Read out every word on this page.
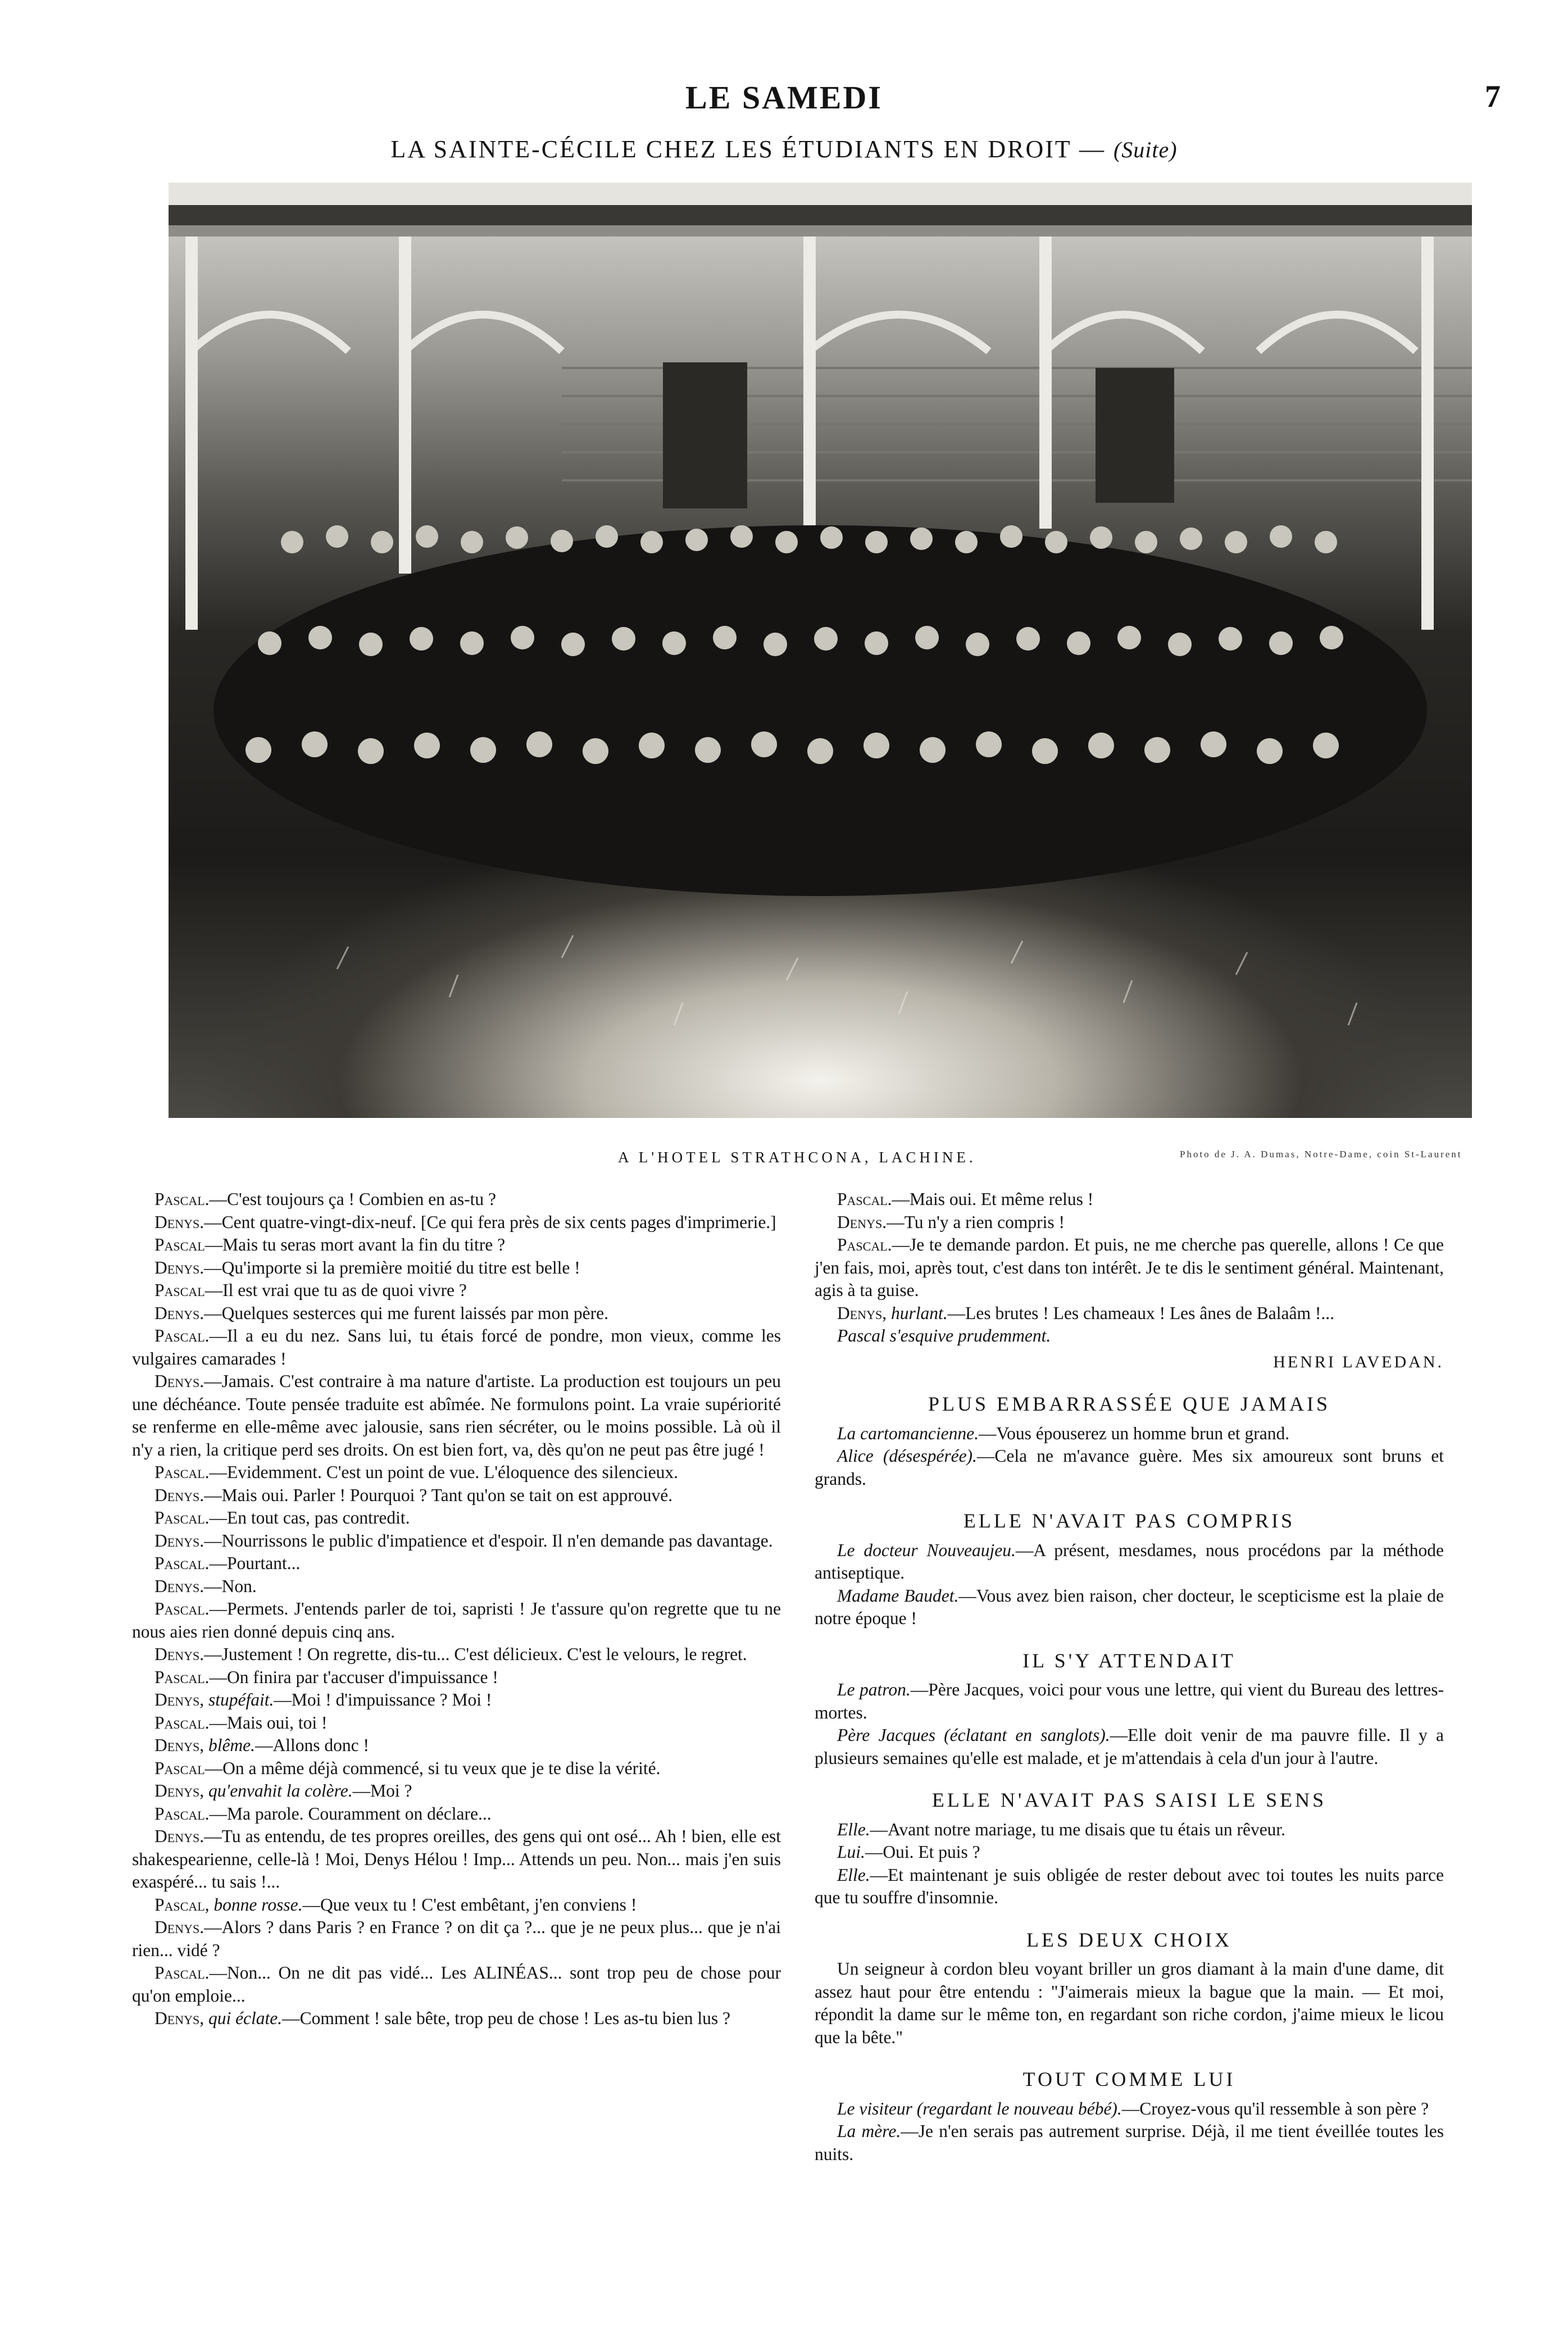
LE SAMEDI	7
LA SAINTE-CÉCILE CHEZ LES ÉTUDIANTS EN DROIT — (Suite)
A L'HOTEL STRATHCONA, LACHINE.	Photo de J. A. Dumas, Notre-Dame, coin St-Laurent

Pascal.—C'est toujours ça ! Combien en as-tu ?

Denys.—Cent quatre-vingt-dix-neuf. [Ce qui fera près de six cents pages d'imprimerie.]

Pascal—Mais tu seras mort avant la fin du titre ?

Denys.—Qu'importe si la première moitié du titre est belle !

Pascal—Il est vrai que tu as de quoi vivre ?

Denys.—Quelques sesterces qui me furent laissés par mon père.

Pascal.—Il a eu du nez. Sans lui, tu étais forcé de pondre, mon vieux, comme les vulgaires camarades !

Denys.—Jamais. C'est contraire à ma nature d'artiste. La production est toujours un peu une déchéance. Toute pensée traduite est abîmée. Ne formulons point. La vraie supériorité se renferme en elle-même avec jalousie, sans rien sécréter, ou le moins possible. Là où il n'y a rien, la critique perd ses droits. On est bien fort, va, dès qu'on ne peut pas être jugé !

Pascal.—Evidemment. C'est un point de vue. L'éloquence des silencieux.

Denys.—Mais oui. Parler ! Pourquoi ? Tant qu'on se tait on est approuvé.

Pascal.—En tout cas, pas contredit.

Denys.—Nourrissons le public d'impatience et d'espoir. Il n'en demande pas davantage.

Pascal.—Pourtant...

Denys.—Non.

Pascal.—Permets. J'entends parler de toi, sapristi ! Je t'assure qu'on regrette que tu ne nous aies rien donné depuis cinq ans.

Denys.—Justement ! On regrette, dis-tu... C'est délicieux. C'est le velours, le regret.

Pascal.—On finira par t'accuser d'impuissance !

Denys, stupéfait.—Moi ! d'impuissance ? Moi !

Pascal.—Mais oui, toi !

Denys, blême.—Allons donc !

Pascal—On a même déjà commencé, si tu veux que je te dise la vérité.

Denys, qu'envahit la colère.—Moi ?

Pascal.—Ma parole. Couramment on déclare...

Denys.—Tu as entendu, de tes propres oreilles, des gens qui ont osé... Ah ! bien, elle est shakespearienne, celle-là ! Moi, Denys Hélou ! Imp... Attends un peu. Non... mais j'en suis exaspéré... tu sais !...

Pascal, bonne rosse.—Que veux tu ! C'est embêtant, j'en conviens !

Denys.—Alors ? dans Paris ? en France ? on dit ça ?... que je ne peux plus... que je n'ai rien... vidé ?

Pascal.—Non... On ne dit pas vidé... Les ALINÉAS... sont trop peu de chose pour qu'on emploie...

Denys, qui éclate.—Comment ! sale bête, trop peu de chose ! Les as-tu bien lus ?

Pascal.—Mais oui. Et même relus !

Denys.—Tu n'y a rien compris !

Pascal.—Je te demande pardon. Et puis, ne me cherche pas querelle, allons ! Ce que j'en fais, moi, après tout, c'est dans ton intérêt. Je te dis le sentiment général. Maintenant, agis à ta guise.

Denys, hurlant.—Les brutes ! Les chameaux ! Les ânes de Balaâm !...

Pascal s'esquive prudemment.

HENRI LAVEDAN.

PLUS EMBARRASSÉE QUE JAMAIS

La cartomancienne.—Vous épouserez un homme brun et grand.

Alice (désespérée).—Cela ne m'avance guère. Mes six amoureux sont bruns et grands.

ELLE N'AVAIT PAS COMPRIS

Le docteur Nouveaujeu.—A présent, mesdames, nous procédons par la méthode antiseptique.

Madame Baudet.—Vous avez bien raison, cher docteur, le scepticisme est la plaie de notre époque !

IL S'Y ATTENDAIT

Le patron.—Père Jacques, voici pour vous une lettre, qui vient du Bureau des lettres-mortes.

Père Jacques (éclatant en sanglots).—Elle doit venir de ma pauvre fille. Il y a plusieurs semaines qu'elle est malade, et je m'attendais à cela d'un jour à l'autre.

ELLE N'AVAIT PAS SAISI LE SENS

Elle.—Avant notre mariage, tu me disais que tu étais un rêveur.

Lui.—Oui. Et puis ?

Elle.—Et maintenant je suis obligée de rester debout avec toi toutes les nuits parce que tu souffre d'insomnie.

LES DEUX CHOIX

Un seigneur à cordon bleu voyant briller un gros diamant à la main d'une dame, dit assez haut pour être entendu : "J'aimerais mieux la bague que la main. — Et moi, répondit la dame sur le même ton, en regardant son riche cordon, j'aime mieux le licou que la bête."

TOUT COMME LUI

Le visiteur (regardant le nouveau bébé).—Croyez-vous qu'il ressemble à son père ?

La mère.—Je n'en serais pas autrement surprise. Déjà, il me tient éveillée toutes les nuits.
